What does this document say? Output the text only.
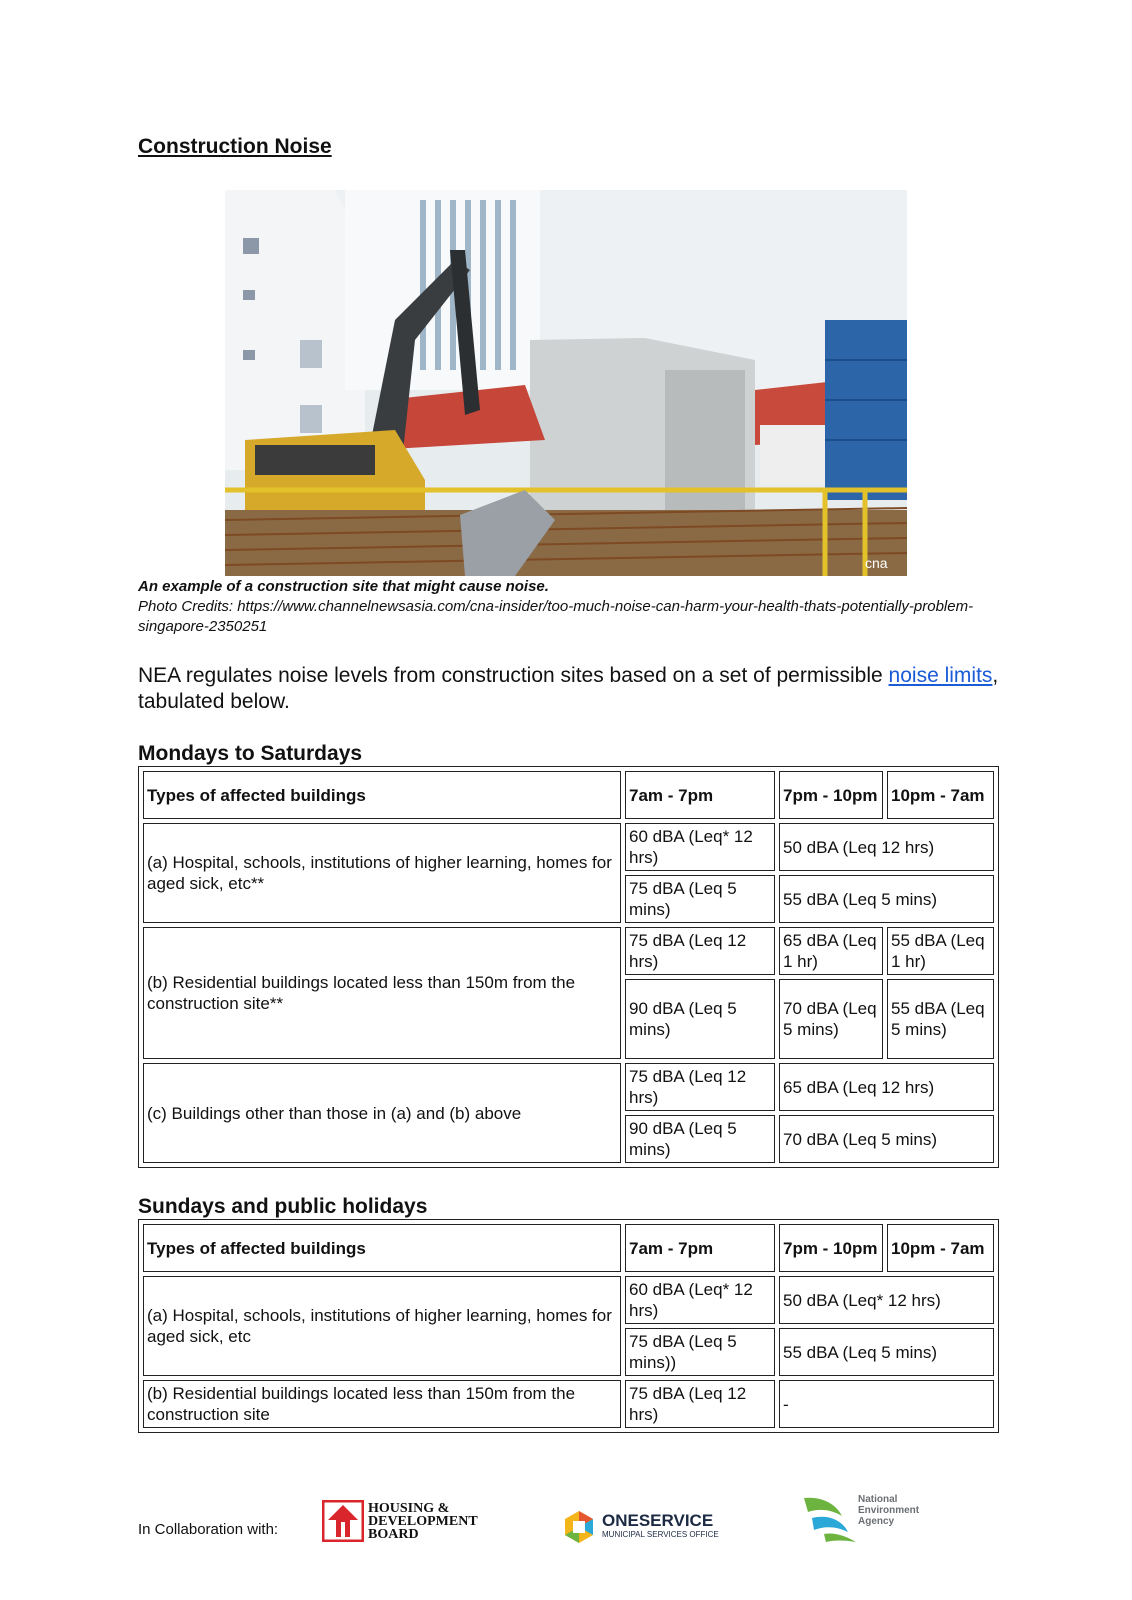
Construction Noise
cna
An example of a construction site that might cause noise.
Photo Credits: https://www.channelnewsasia.com/cna-insider/too-much-noise-can-harm-your-health-thats-potentially-problem-singapore-2350251
NEA regulates noise levels from construction sites based on a set of permissible noise limits, tabulated below.
Mondays to Saturdays
Types of affected buildings	7am - 7pm	7pm - 10pm	10pm - 7am
(a) Hospital, schools, institutions of higher learning, homes for aged sick, etc**	60 dBA (Leq* 12 hrs)	50 dBA (Leq 12 hrs)	
	75 dBA (Leq 5 mins)	55 dBA (Leq 5 mins)	
(b) Residential buildings located less than 150m from the construction site**	75 dBA (Leq 12 hrs)	65 dBA (Leq 1 hr)	55 dBA (Leq 1 hr)
	90 dBA (Leq 5 mins)	70 dBA (Leq 5 mins)	55 dBA (Leq 5 mins)
(c) Buildings other than those in (a) and (b) above	75 dBA (Leq 12 hrs)	65 dBA (Leq 12 hrs)	
	90 dBA (Leq 5 mins)	70 dBA (Leq 5 mins)	
Sundays and public holidays
Types of affected buildings	7am - 7pm	7pm - 10pm	10pm - 7am
(a) Hospital, schools, institutions of higher learning, homes for aged sick, etc	60 dBA (Leq* 12 hrs)	50 dBA (Leq* 12 hrs)	
	75 dBA (Leq 5 mins))	55 dBA (Leq 5 mins)	
(b) Residential buildings located less than 150m from the construction site	75 dBA (Leq 12 hrs)	-	
In Collaboration with:
HOUSING &
DEVELOPMENT
BOARD
ONESERVICE
MUNICIPAL SERVICES OFFICE
National
Environment
Agency
